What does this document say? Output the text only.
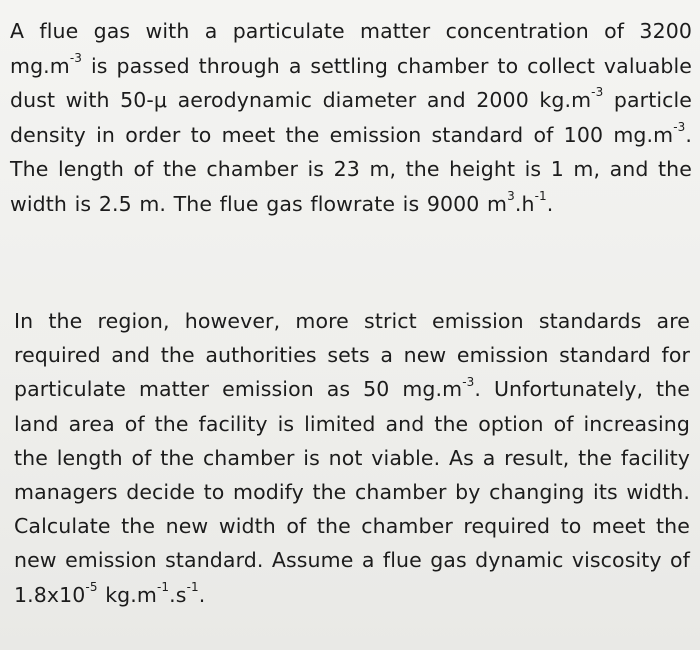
A flue gas with a particulate matter concentration of 3200 $mg.m^{-3}$ is passed through a settling chamber to collect valuable dust with 50-μ aerodynamic diameter and 2000 $kg.m^{-3}$ particle density in order to meet the emission standard of 100 $mg.m^{-3}$. The length of the chamber is 23 m, the height is 1 m, and the width is 2.5 m. The flue gas flowrate is 9000 $m^3.h^{-1}$.

In the region, however, more strict emission standards are required and the authorities sets a new emission standard for particulate matter emission as 50 $mg.m^{-3}$. Unfortunately, the land area of the facility is limited and the option of increasing the length of the chamber is not viable. As a result, the facility managers decide to modify the chamber by changing its width. Calculate the new width of the chamber required to meet the new emission standard. Assume a flue gas dynamic viscosity of $1.8x10^{-5}$ $kg.m^{-1}.s^{-1}$.
